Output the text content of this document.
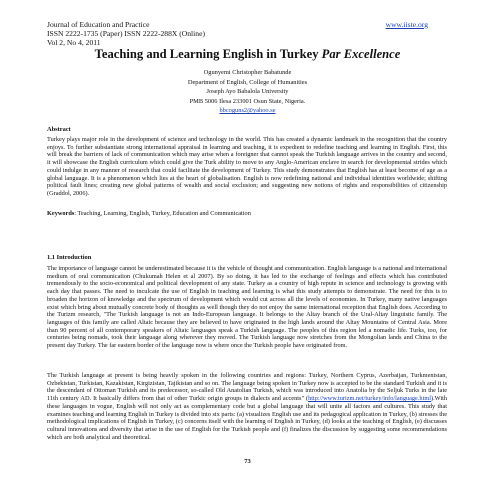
Journal of Education and Practice
ISSN 2222-1735 (Paper) ISSN 2222-288X (Online)
Vol 2, No 4, 2011
www.iiste.org
Teaching and Learning English in Turkey Par Excellence
Ogunyemi Christopher Babatunde
Department of English, College of Humanities
Joseph Ayo Babalola University
PMB 5006 Ilesa 233001 Osun State, Nigeria.
bbcoguns2@yahoo.se
Abstract
Turkey plays major role in the development of science and technology in the world. This has created a dynamic landmark in the recognition that the country enjoys. To further substantiate strong international appraisal in learning and teaching, it is expedient to redefine teaching and learning in English. First, this will break the barriers of lack of communication which may arise when a foreigner that cannot speak the Turkish language arrives in the country and second, it will showcase the English curriculum which could give the Turk ability to move to any Anglo-American enclave in search for developmental strides which could indulge in any manner of research that could facilitate the development of Turkey. This study demonstrates that English has at least become of age as a global language. It is a phenomenon which lies at the heart of globalisation. English is now redefining national and individual identities worldwide; shifting political fault lines; creating new global patterns of wealth and social exclusion; and suggesting new notions of rights and responsibilities of citizenship (Graddol, 2006).
Keywords: Teaching, Learning, English, Turkey, Education and Communication
1.1 Introduction
The importance of language cannot be underestimated because it is the vehicle of thought and communication. English language is a national and international medium of oral communication (Chukumah Helen et al 2007). By so doing, it has led to the exchange of feelings and effects which has contributed tremendously to the socio-economical and political development of any state. Turkey as a country of high repute in science and technology is growing with each day that passes. The need to inculcate the use of English in teaching and learning is what this study attempts to demonstrate. The need for this is to broaden the horizon of knowledge and the spectrum of development which would cut across all the levels of economies. In Turkey, many native languages exist which bring about mutually concrete body of thoughts as well though they do not enjoy the same international reception that English does. According to the Turizm research, "The Turkish language is not an Indo-European language. It belongs to the Altay branch of the Ural-Altay linguistic family. The languages of this family are called Altaic because they are believed to have originated in the high lands around the Altay Mountains of Central Asia. More than 90 percent of all contemporary speakers of Altaic languages speak a Turkish language. The peoples of this region led a nomadic life. Turks, too, for centuries being nomads, took their language along wherever they moved. The Turkish language now stretches from the Mongolian lands and China to the present day Turkey. The far eastern border of the language now is where once the Turkish people have originated from.
The Turkish language at present is being heavily spoken in the following countries and regions: Turkey, Northern Cyprus, Azerbaijan, Turkmenistan, Ozbekistan, Turkistan, Kazakistan, Kirgizistan, Tajikistan and so on. The language being spoken in Turkey now is accepted to be the standard Turkish and it is the descendant of Ottoman Turkish and its predecessor, so-called Old Anatolian Turkish, which was introduced into Anatolia by the Seljuk Turks in the late 11th century AD. It basically differs from that of other Turkic origin groups in dialects and accents" (http://www.turizm.net/turkey/info/language.html).With these languages in vogue, English will not only act as complementary code but a global language that will unite all factors and cultures. This study that examines teaching and learning English in Turkey is divided into six parts: (a) visualizes English use and its pedagogical application in Turkey, (b) stresses the methodological implications of English in Turkey, (c) concerns itself with the learning of English in Turkey, (d) looks at the teaching of English, (e) discusses cultural innovations and diversity that arise in the use of English for the Turkish people and (f) finalizes the discussion by suggesting some recommendations which are both analytical and theoretical.
73
